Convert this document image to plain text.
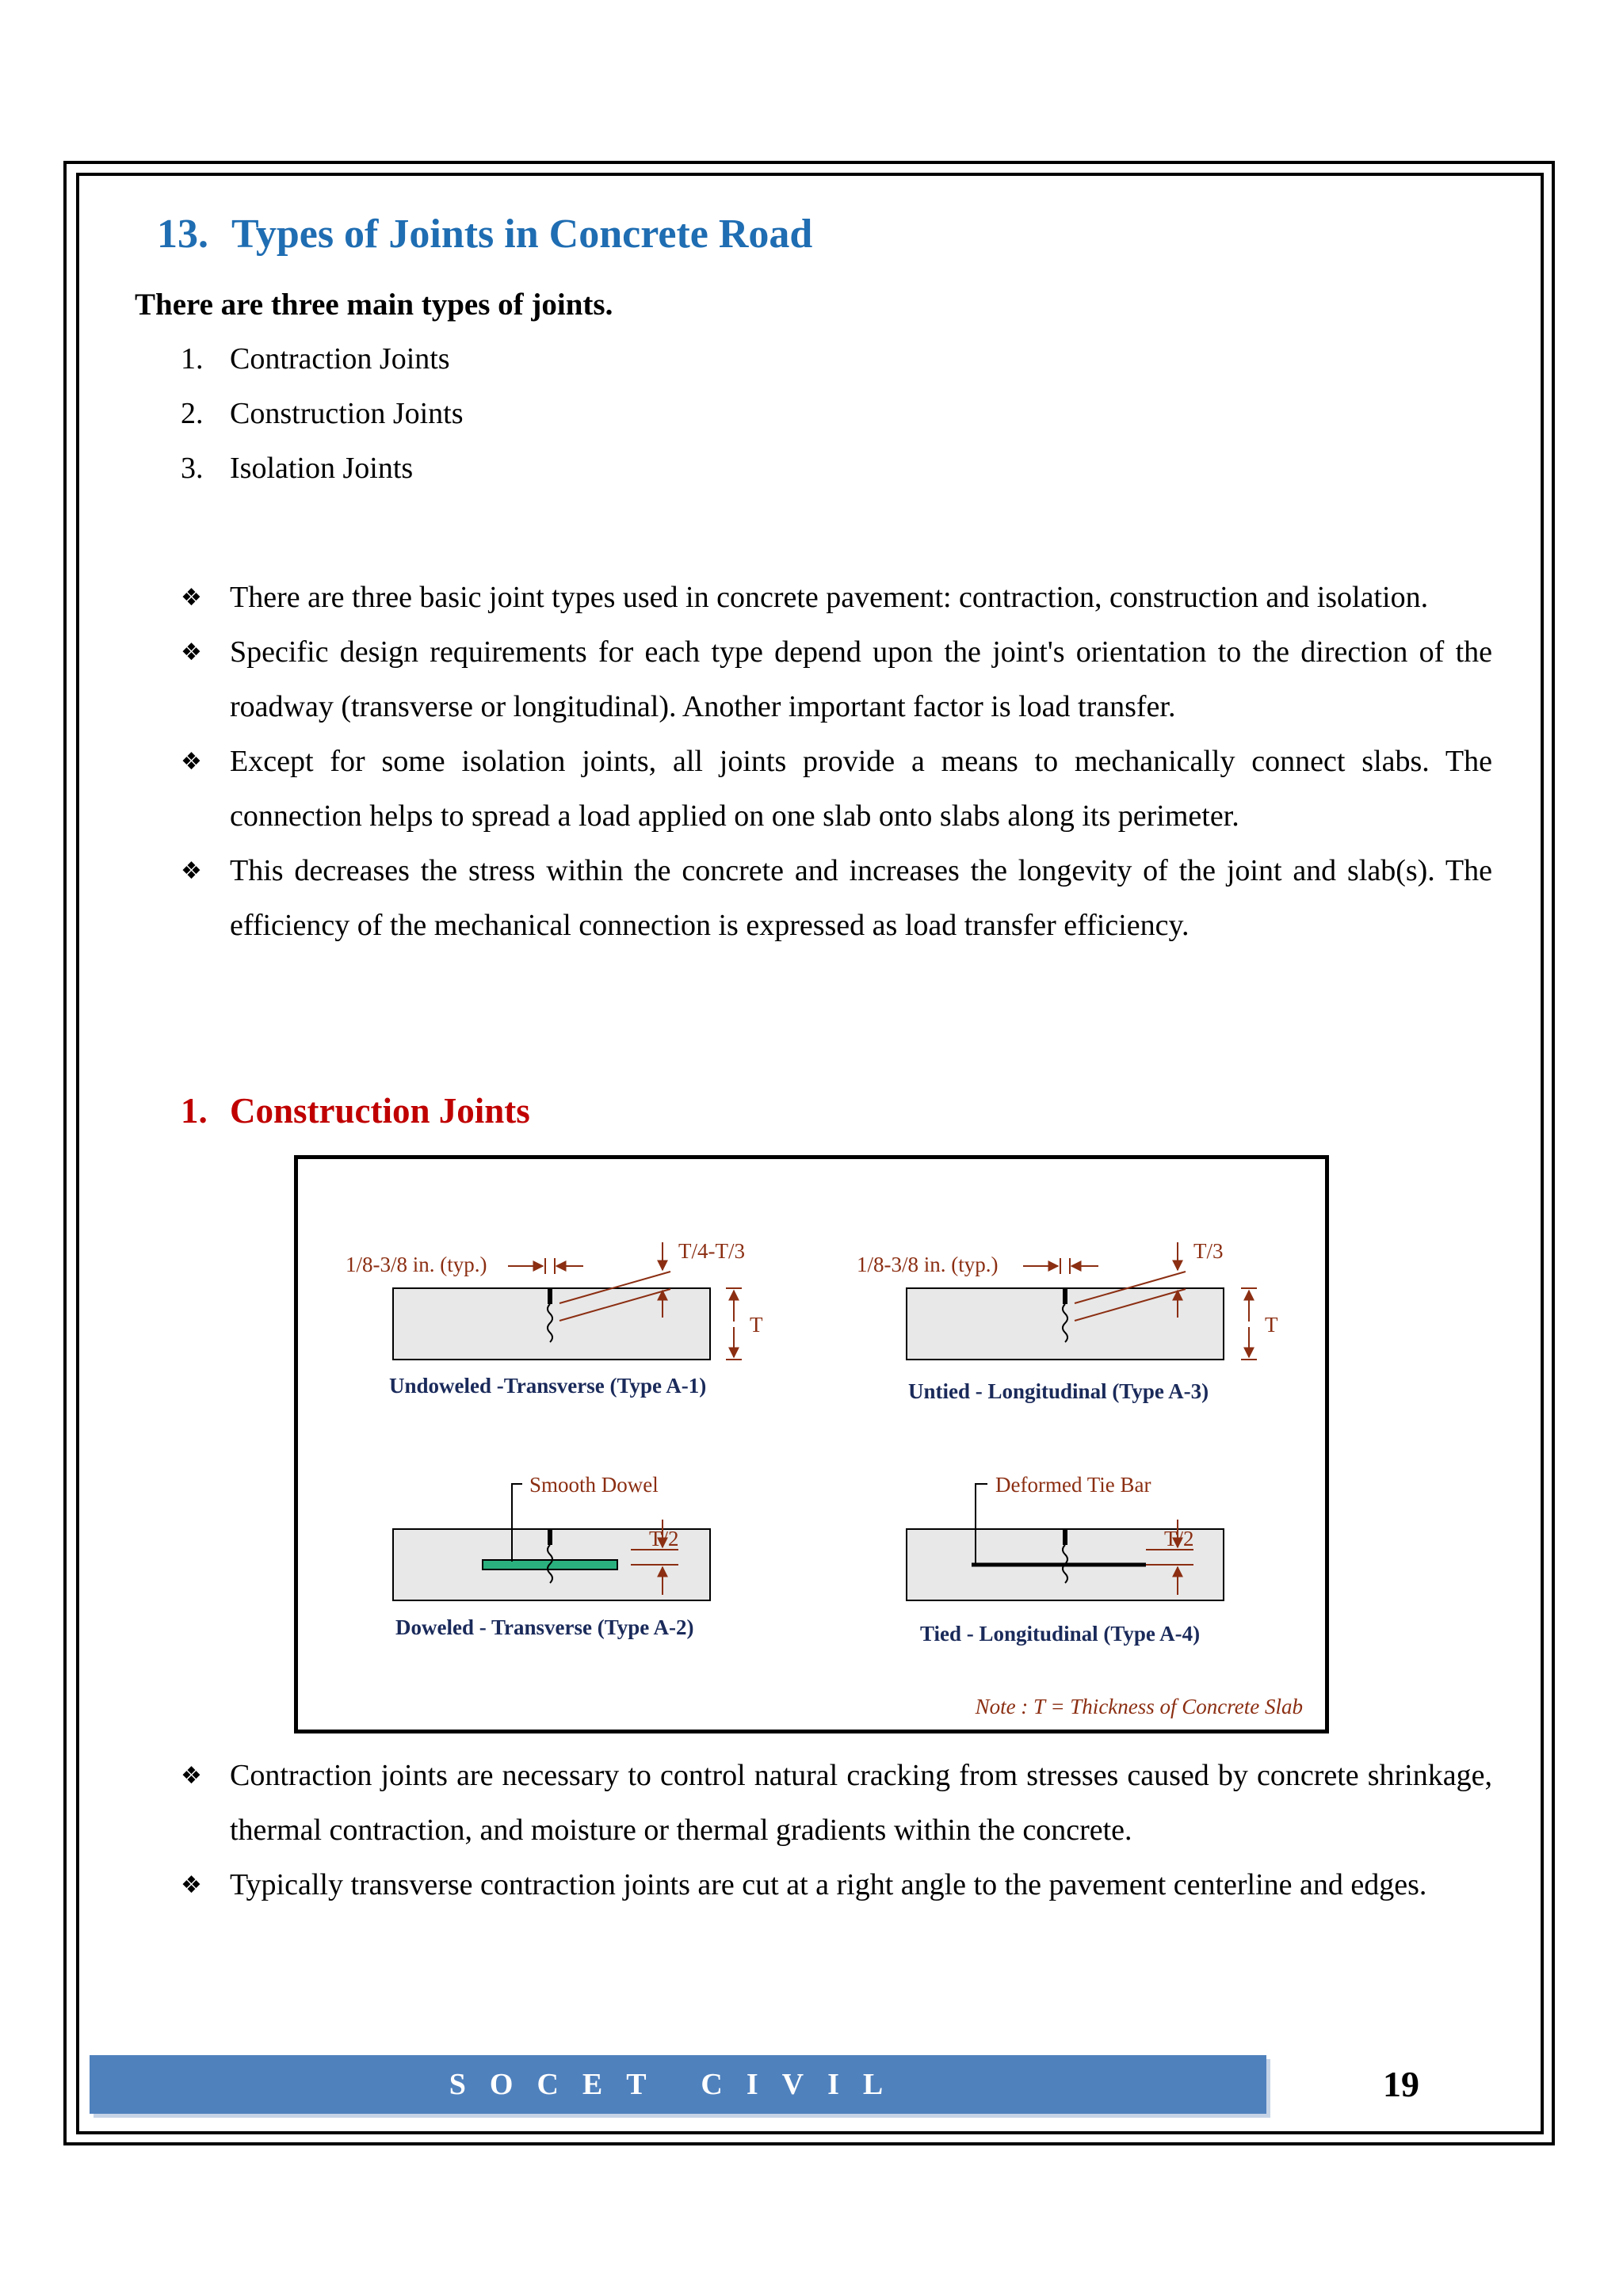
13. Types of Joints in Concrete Road

There are three main types of joints.

1. Contraction Joints
2. Construction Joints
3. Isolation Joints
❖ There are three basic joint types used in concrete pavement: contraction, construction and isolation.
❖ Specific design requirements for each type depend upon the joint's orientation to the direction of the roadway (transverse or longitudinal). Another important factor is load transfer.
❖ Except for some isolation joints, all joints provide a means to mechanically connect slabs. The connection helps to spread a load applied on one slab onto slabs along its perimeter.
❖ This decreases the stress within the concrete and increases the longevity of the joint and slab(s). The efficiency of the mechanical connection is expressed as load transfer efficiency.
1. Construction Joints
1/8-3/8 in. (typ.)
T/4-T/3
T
Undoweled -Transverse (Type A-1)
1/8-3/8 in. (typ.)
T/3
T
Untied - Longitudinal (Type A-3)
Smooth Dowel
T/2
Doweled - Transverse (Type A-2)
Deformed Tie Bar
T/2
Tied - Longitudinal (Type A-4)
Note : T = Thickness of Concrete Slab
❖ Contraction joints are necessary to control natural cracking from stresses caused by concrete shrinkage, thermal contraction, and moisture or thermal gradients within the concrete.
❖ Typically transverse contraction joints are cut at a right angle to the pavement centerline and edges.
SOCET CIVIL	19
